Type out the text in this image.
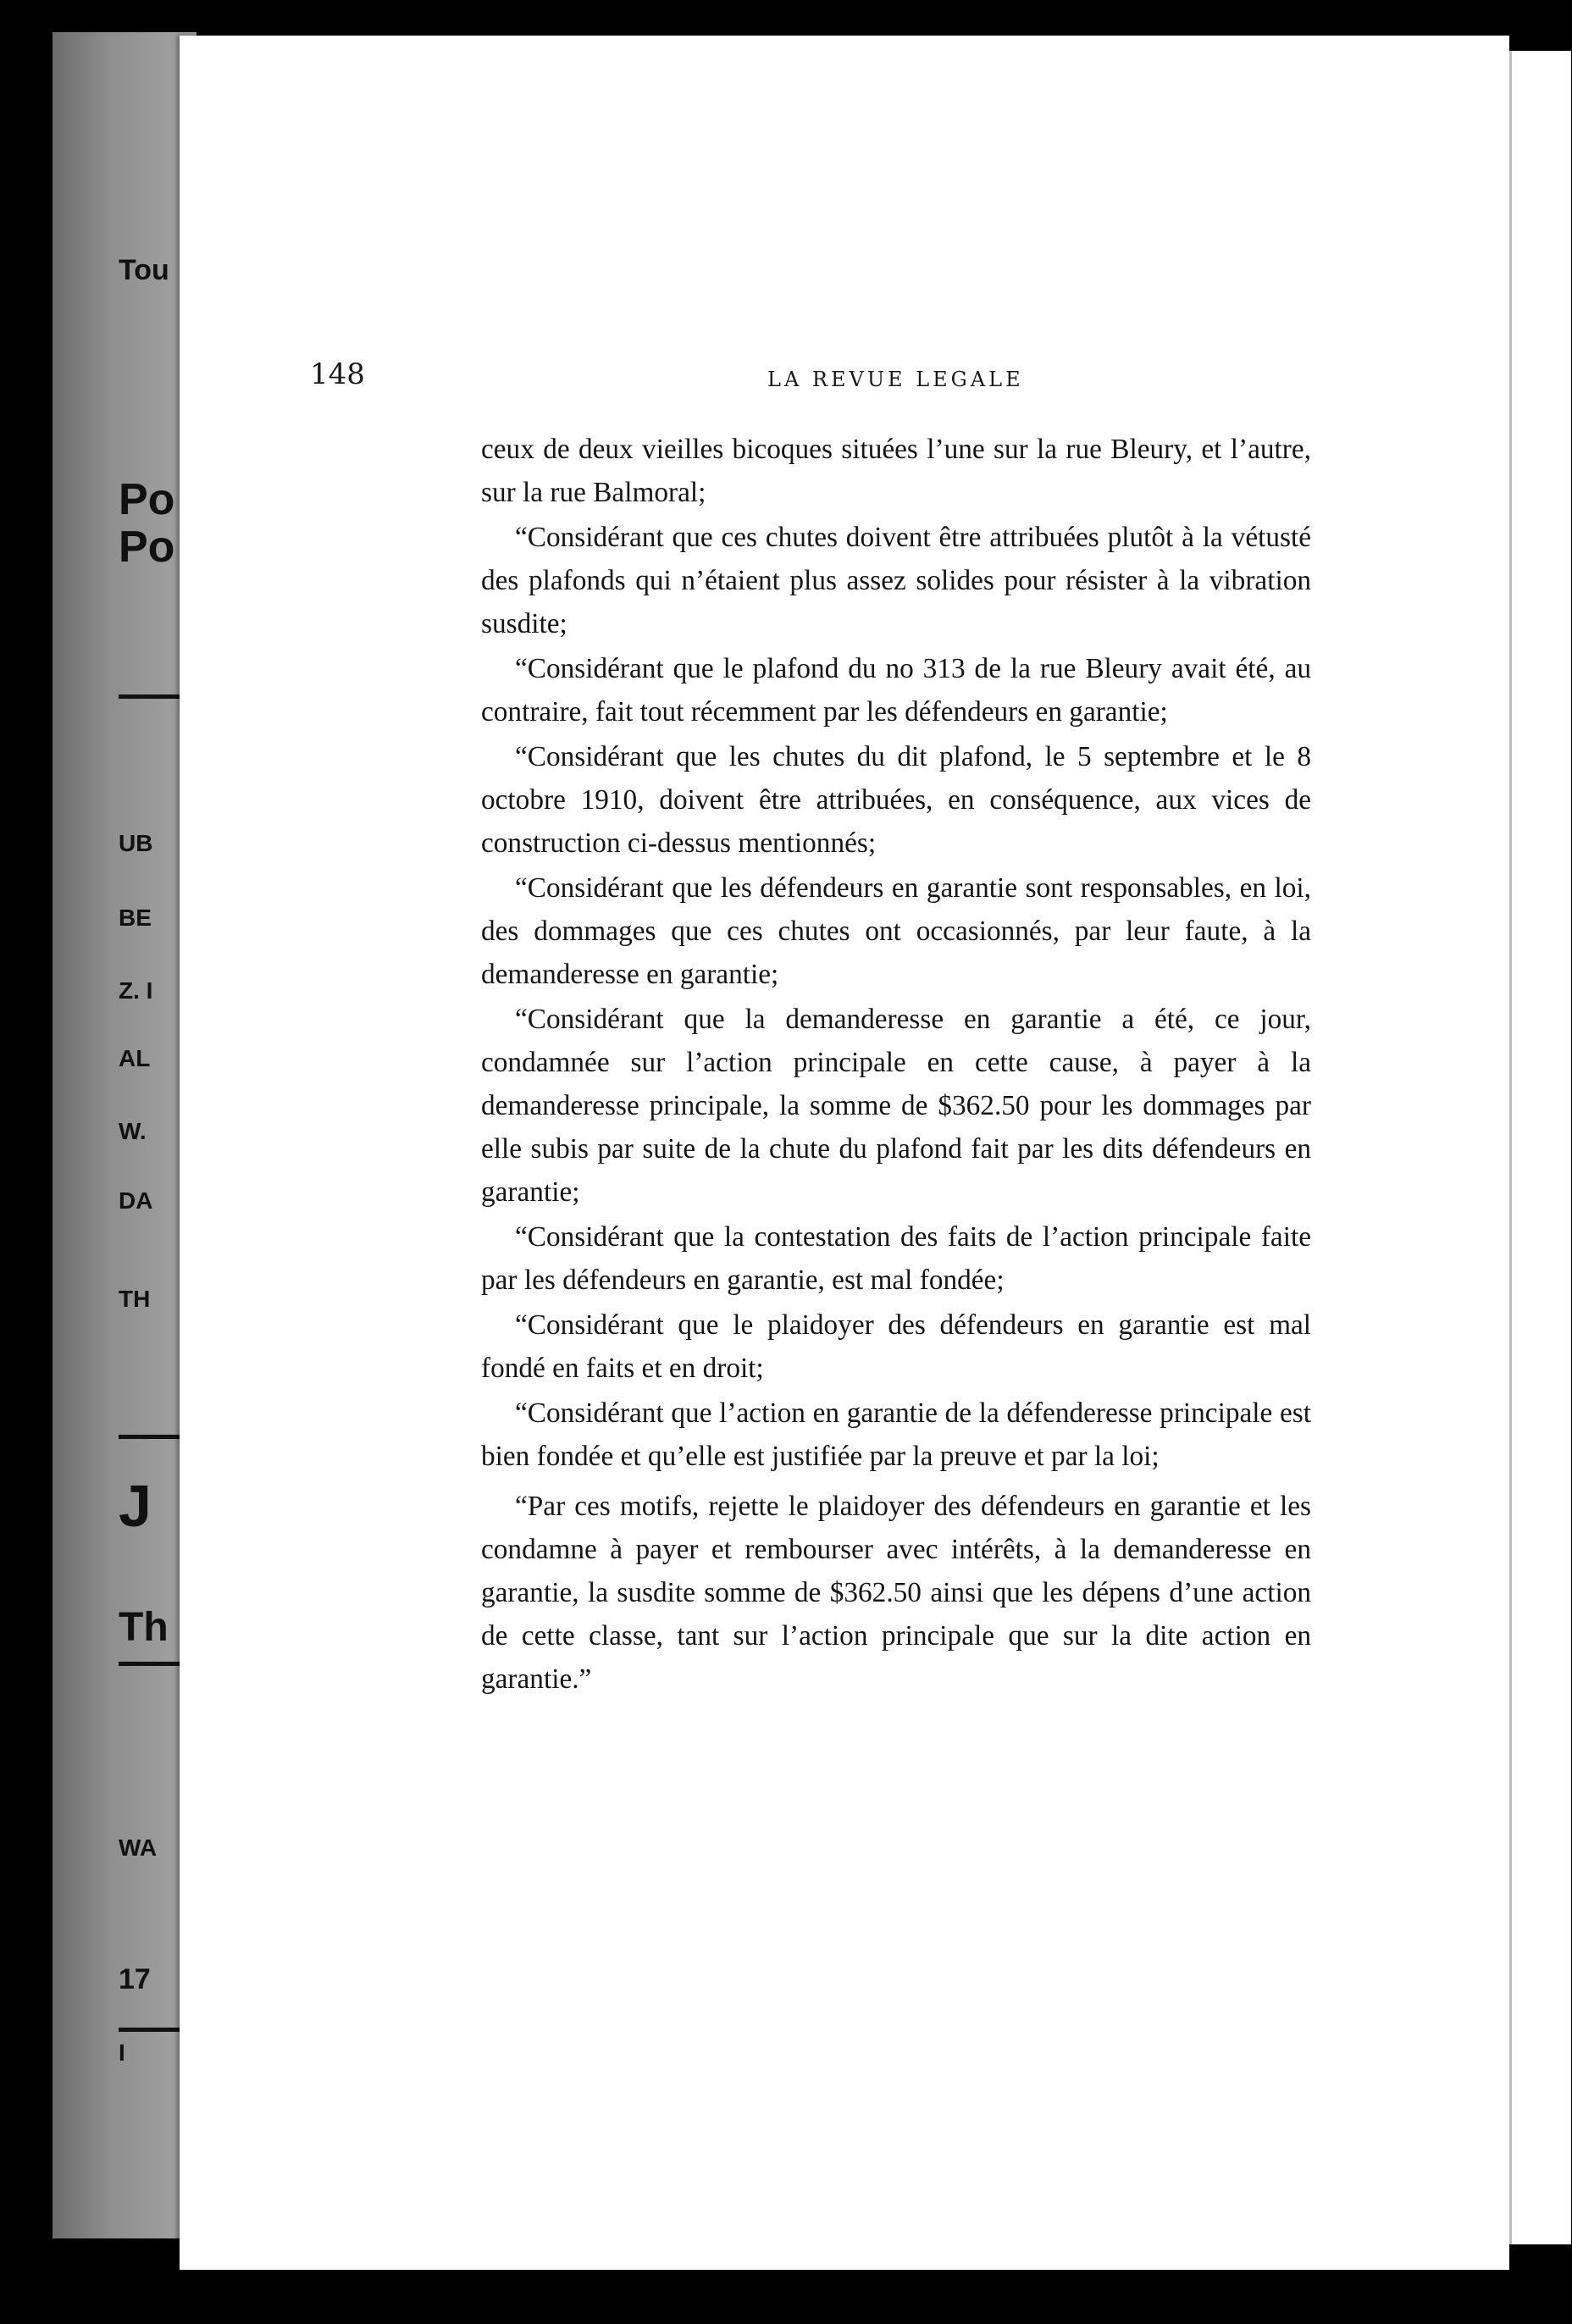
Tou
Po
Po
UB
BE
Z. I
AL
W.
DA
TH
J
Th
WA
17
I
148	LA REVUE LEGALE

ceux de deux vieilles bicoques situées l’une sur la rue Bleury, et l’autre, sur la rue Balmoral;

“Considérant que ces chutes doivent être attribuées plutôt à la vétusté des plafonds qui n’étaient plus assez solides pour résister à la vibration susdite;

“Considérant que le plafond du no 313 de la rue Bleury avait été, au contraire, fait tout récemment par les défendeurs en garantie;

“Considérant que les chutes du dit plafond, le 5 septembre et le 8 octobre 1910, doivent être attribuées, en conséquence, aux vices de construction ci-dessus mentionnés;

“Considérant que les défendeurs en garantie sont responsables, en loi, des dommages que ces chutes ont occasionnés, par leur faute, à la demanderesse en garantie;

“Considérant que la demanderesse en garantie a été, ce jour, condamnée sur l’action principale en cette cause, à payer à la demanderesse principale, la somme de $362.50 pour les dommages par elle subis par suite de la chute du plafond fait par les dits défendeurs en garantie;

“Considérant que la contestation des faits de l’action principale faite par les défendeurs en garantie, est mal fondée;

“Considérant que le plaidoyer des défendeurs en garantie est mal fondé en faits et en droit;

“Considérant que l’action en garantie de la défenderesse principale est bien fondée et qu’elle est justifiée par la preuve et par la loi;

“Par ces motifs, rejette le plaidoyer des défendeurs en garantie et les condamne à payer et rembourser avec intérêts, à la demanderesse en garantie, la susdite somme de $362.50 ainsi que les dépens d’une action de cette classe, tant sur l’action principale que sur la dite action en garantie.”
